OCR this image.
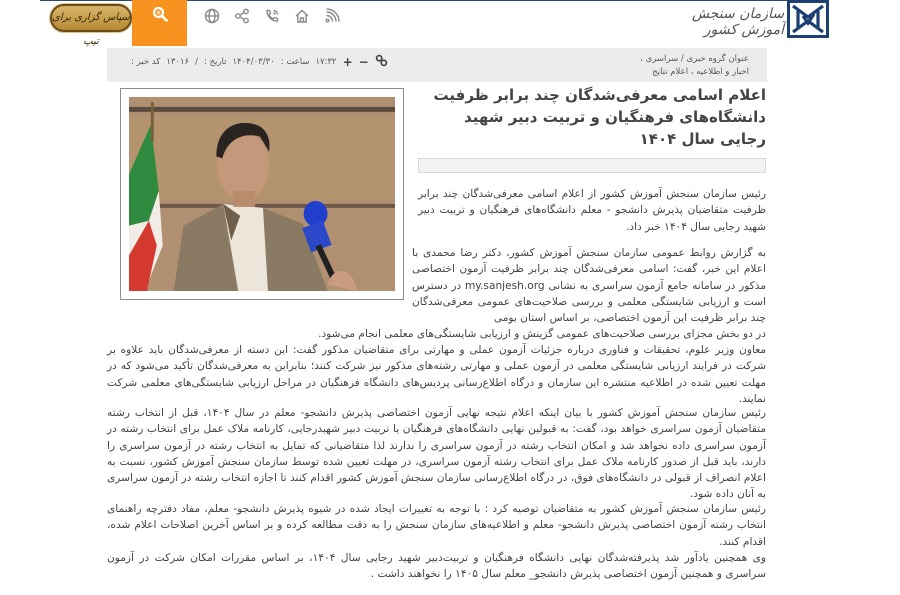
سازمان سنجش آموزش کشور
سپاس گزاری برای تیپ
کد خبر : ۱۳۰۱۶ / تاریخ : ۱۴۰۴/۰۳/۳۰ ساعت : ۱۷:۳۲ + −	عنوان گروه خبری / سراسری ،
اخبار و اطلاعیه ، اعلام نتایج
اعلام اسامی معرفی‌شدگان چند برابر ظرفیت دانشگاه‌های فرهنگیان و تربیت دبیر شهید رجایی سال ۱۴۰۴

رئیس سازمان سنجش آموزش کشور از اعلام اسامی معرفی‌شدگان چند برابر ظرفیت متقاضیان پذیرش دانشجو - معلم دانشگاه‌های فرهنگیان و تربیت دبیر شهید رجایی سال ۱۴۰۴ خبر داد.

به گزارش روابط عمومی سازمان سنجش آموزش کشور، دکتر رضا محمدی با اعلام این خبر، گفت: اسامی معرفی‌شدگان چند برابر ظرفیت آزمون اختصاصی مذکور در سامانه جامع آزمون سراسری به نشانی my.sanjesh.org در دسترس است و ارزیابی شایستگی معلمی و بررسی صلاحیت‌های عمومی معرفی‌شدگان چند برابر ظرفیت این آزمون اختصاصی، بر اساس استان بومی

در دو بخش مجزای بررسی صلاحیت‌های عمومی گزینش و ارزیابی شایستگی‌های معلمی انجام می‌شود.

معاون وزیر علوم، تحقیقات و فناوری درباره جزئیات آزمون عملی و مهارتی برای متقاضیان مذکور گفت: این دسته از معرفی‌شدگان باید علاوه بر شرکت در فرایند ارزیابی شایستگی معلمی در آزمون عملی و مهارتی رشته‌های مذکور نیز شرکت کنند؛ بنابراین به معرفی‌شدگان تأکید می‌شود که در مهلت تعیین شده در اطلاعیه منتشره این سازمان و درگاه اطلاع‌رسانی پردیس‌های دانشگاه فرهنگیان در مراحل ارزیابی شایستگی‌های معلمی شرکت نمایند.

رئیس سازمان سنجش آموزش کشور با بیان اینکه اعلام نتیجه نهایی آزمون اختصاصی پذیرش دانشجو- معلم در سال ۱۴۰۴، قبل از انتخاب رشته متقاضیان آزمون سراسری خواهد بود، گفت: به قبولین نهایی دانشگاه‌های فرهنگیان یا تربیت دبیر شهیدرجایی، کارنامه ملاک عمل برای انتخاب رشته در آزمون سراسری داده نخواهد شد و امکان انتخاب رشته در آزمون سراسری را ندارند لذا متقاضیانی که تمایل به انتخاب رشته در آزمون سراسری را دارند، باید قبل از صدور کارنامه ملاک عمل برای انتخاب رشته آزمون سراسری، در مهلت تعیین شده توسط سازمان سنجش آموزش کشور، نسبت به اعلام انصراف از قبولی در دانشگاه‌های فوق، در درگاه اطلاع‌رسانی سازمان سنجش آموزش کشور اقدام کنند تا اجازه انتخاب رشته در آزمون سراسری به آنان داده شود.

رئیس سازمان سنجش آموزش کشور به متقاضیان توصیه کرد : با توجه به تغییرات ایجاد شده در شیوه پذیرش دانشجو- معلم، مفاد دفترچه راهنمای انتخاب رشته آزمون اختصاصی پذیرش دانشجو- معلم و اطلاعیه‌های سازمان سنجش را به دقت مطالعه کرده و بر اساس آخرین اصلاحات اعلام شده، اقدام کنند.

وی همچنین یادآور شد پذیرفته‌شدگان نهایی دانشگاه فرهنگیان و تربیت‌دبیر شهید رجایی سال ۱۴۰۴، بر اساس مقررات امکان شرکت در آزمون سراسری و همچنین آزمون اختصاصی پذیرش دانشجو_ معلم سال ۱۴۰۵ را نخواهند داشت .
